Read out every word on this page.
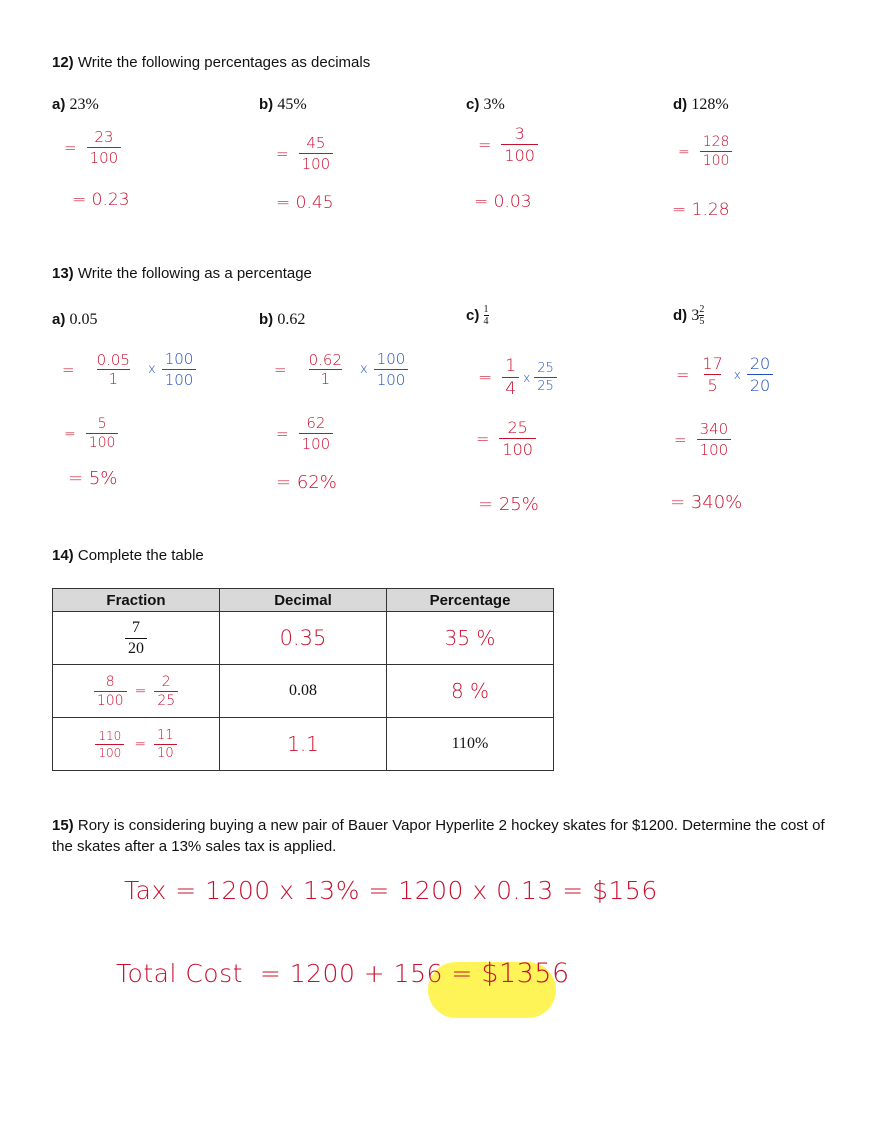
12) Write the following percentages as decimals
a) 23%	b) 45%	c) 3%	d) 128%
= $\frac{23}{100}$
= 0.23
= $\frac{45}{100}$
= 0.45
= $\frac{3}{100}$
= 0.03
= $\frac{128}{100}$
= 1.28
13) Write the following as a percentage
a) 0.05	b) 0.62	c)
1
4	d)
3 2
5
= $\frac{0.05}{1}$ x $\frac{100}{100}$
= $\frac{5}{100}$
= 5%
= $\frac{0.62}{1}$ x $\frac{100}{100}$
= $\frac{62}{100}$
= 62%
= $\frac{1}{4}$ x $\frac{25}{25}$
= $\frac{25}{100}$
= 25%
= $\frac{17}{5}$ x $\frac{20}{20}$
= $\frac{340}{100}$
= 340%
14) Complete the table
Fraction	Decimal	Percentage

$\frac{7}{20}$	0.35	35 %

$\frac{8}{100} = \frac{2}{25}$	0.08	8 %

$\frac{110}{100} = \frac{11}{10}$	1.1	110%
15) Rory is considering buying a new pair of Bauer Vapor Hyperlite 2 hockey skates for $1200. Determine the cost of the skates after a 13% sales tax is applied.
Tax = 1200 x 13% = 1200 x 0.13 = $156
Total Cost
= 1200 + 156 =
$1356
